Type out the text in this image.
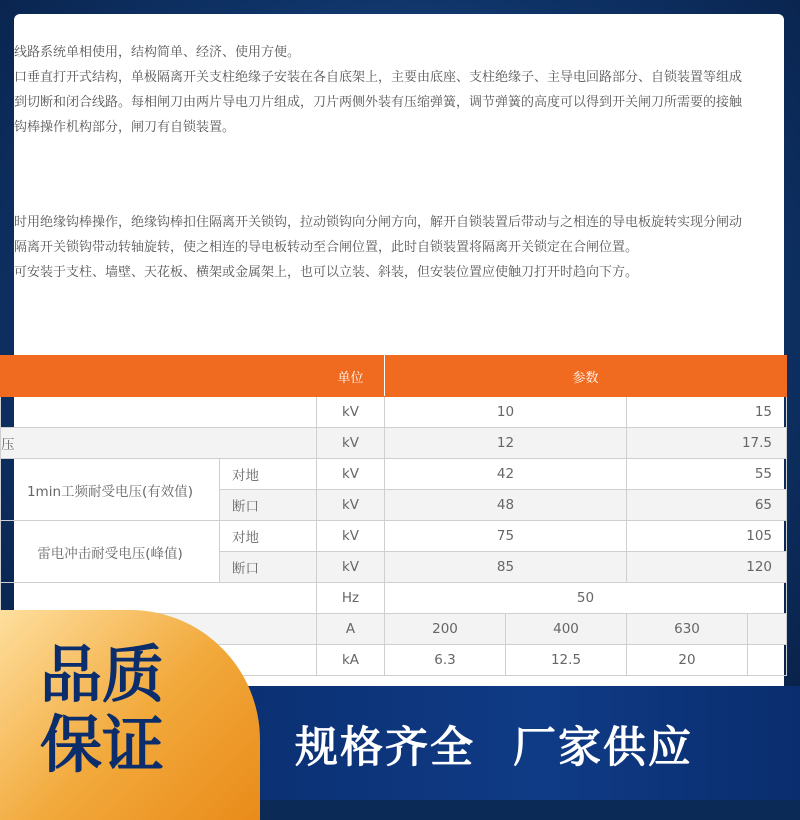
线路系统单相使用，结构简单、经济、使用方便。
口垂直打开式结构，单极隔离开关支柱绝缘子安装在各自底架上，主要由底座、支柱绝缘子、主导电回路部分、自锁装置等组成
到切断和闭合线路。每相闸刀由两片导电刀片组成，刀片两侧外装有压缩弹簧，调节弹簧的高度可以得到开关闸刀所需要的接触
钩棒操作机构部分，闸刀有自锁装置。
时用绝缘钩棒操作，绝缘钩棒扣住隔离开关锁钩，拉动锁钩向分闸方向，解开自锁装置后带动与之相连的导电板旋转实现分闸动
隔离开关锁钩带动转轴旋转，使之相连的导电板转动至合闸位置，此时自锁装置将隔离开关锁定在合闸位置。
可安装于支柱、墙壁、天花板、横架或金属架上，也可以立装、斜装，但安装位置应使触刀打开时趋向下方。
		单位	参数			
		kV	10		15	
压		kV	12		17.5	
1min工频耐受电压(有效值)	对地	kV	42		55	
	断口	kV	48		65	
雷电冲击耐受电压(峰值)	对地	kV	75		105	
	断口	kV	85		120	
		Hz	50			
		A	200	400	630	
		kA	6.3	12.5	20	
规格齐全 厂家供应
品质
保证
